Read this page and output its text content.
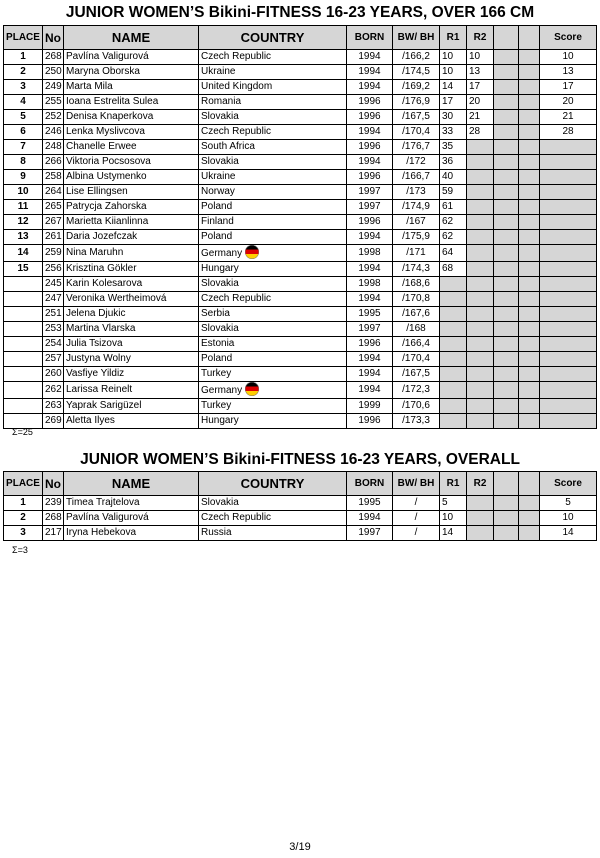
JUNIOR WOMEN’S Bikini-FITNESS 16-23 YEARS, OVER 166 CM
PLACE	No	NAME	COUNTRY	BORN	BW/ BH	R1	R2			Score
1	268	Pavlína Valigurová	Czech Republic	1994	/166,2	10	10			10
2	250	Maryna Oborska	Ukraine	1994	/174,5	10	13			13
3	249	Marta Mila	United Kingdom	1994	/169,2	14	17			17
4	255	Ioana Estrelita Sulea	Romania	1996	/176,9	17	20			20
5	252	Denisa Knaperkova	Slovakia	1996	/167,5	30	21			21
6	246	Lenka Myslivcova	Czech Republic	1994	/170,4	33	28			28
7	248	Chanelle Erwee	South Africa	1996	/176,7	35				
8	266	Viktoria Pocsosova	Slovakia	1994	/172	36				
9	258	Albina Ustymenko	Ukraine	1996	/166,7	40				
10	264	Lise Ellingsen	Norway	1997	/173	59				
11	265	Patrycja Zahorska	Poland	1997	/174,9	61				
12	267	Marietta Kiianlinna	Finland	1996	/167	62				
13	261	Daria Jozefczak	Poland	1994	/175,9	62				
14	259	Nina Maruhn	Germany	1998	/171	64				
15	256	Krisztina Gökler	Hungary	1994	/174,3	68				
	245	Karin Kolesarova	Slovakia	1998	/168,6					
	247	Veronika Wertheimová	Czech Republic	1994	/170,8					
	251	Jelena Djukic	Serbia	1995	/167,6					
	253	Martina Vlarska	Slovakia	1997	/168					
	254	Julia Tsizova	Estonia	1996	/166,4					
	257	Justyna Wolny	Poland	1994	/170,4					
	260	Vasfiye Yildiz	Turkey	1994	/167,5					
	262	Larissa Reinelt	Germany	1994	/172,3					
	263	Yaprak Sarigüzel	Turkey	1999	/170,6					
	269	Aletta Ilyes	Hungary	1996	/173,3					
Σ=25
JUNIOR WOMEN’S Bikini-FITNESS 16-23 YEARS, OVERALL
PLACE	No	NAME	COUNTRY	BORN	BW/ BH	R1	R2			Score
1	239	Timea Trajtelova	Slovakia	1995	/	5				5
2	268	Pavlína Valigurová	Czech Republic	1994	/	10				10
3	217	Iryna Hebekova	Russia	1997	/	14				14
Σ=3
3/19
